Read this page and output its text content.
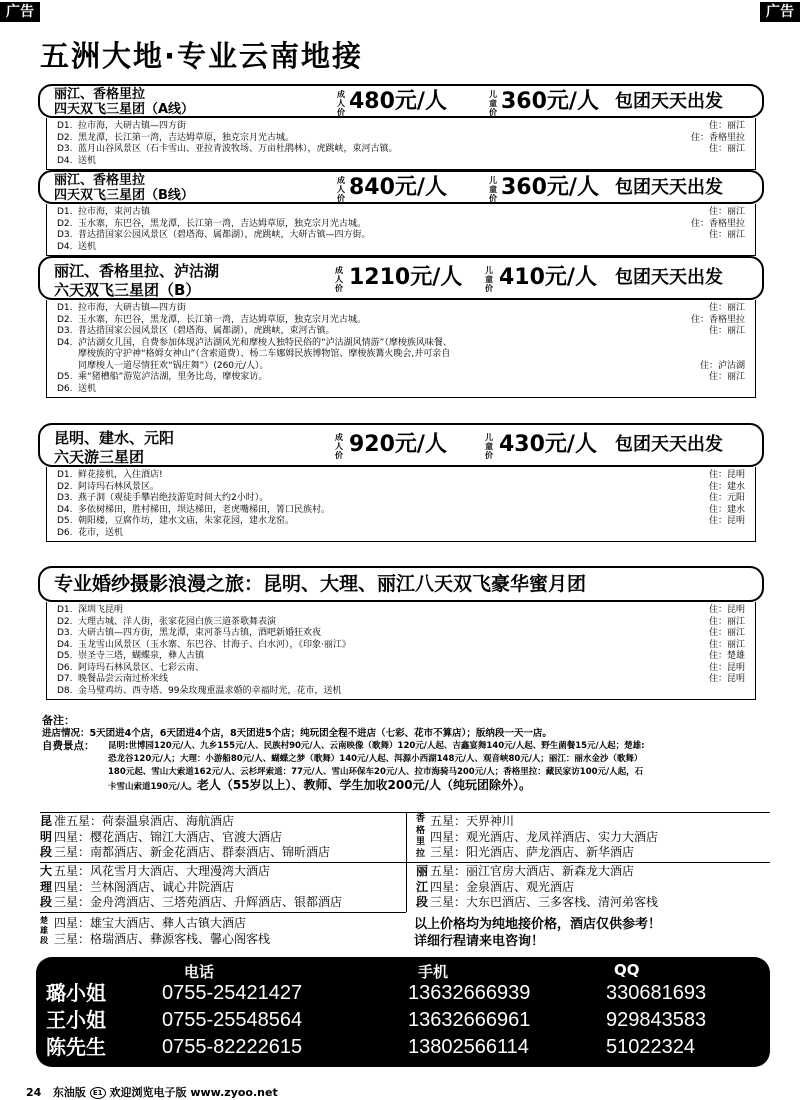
广告	广告
五洲大地·专业云南地接
丽江、香格里拉
四天双飞三星团（A线）
成人价 480元/人	儿童价 360元/人 包团天天出发
D1. 拉市海，大研古镇—四方街	住：丽江
D2. 黑龙潭，长江第一湾，吉达姆草原，独克宗月光古城。	住：香格里拉
D3. 蓝月山谷风景区（石卡雪山、亚拉青波牧场、万亩杜鹃林），虎跳峡，束河古镇。	住：丽江
D4. 送机
丽江、香格里拉
四天双飞三星团（B线）
成人价 840元/人	儿童价 360元/人 包团天天出发
D1. 拉市海，束河古镇	住：丽江
D2. 玉水寨，东巴谷，黑龙潭，长江第一湾，吉达姆草原，独克宗月光古城。	住：香格里拉
D3. 普达措国家公园风景区（碧塔海、属都湖），虎跳峡，大研古镇—四方街。	住：丽江
D4. 送机
丽江、香格里拉、泸沽湖
六天双飞三星团（B）
成人价 1210元/人	儿童价 410元/人 包团天天出发
D1. 拉市海，大研古镇—四方街	住：丽江
D2. 玉水寨，东巴谷，黑龙潭，长江第一湾，吉达姆草原，独克宗月光古城。	住：香格里拉
D3. 普达措国家公园风景区（碧塔海、属都湖），虎跳峡，束河古镇。	住：丽江
D4. 泸沽湖女儿国，自费参加体现泸沽湖风光和摩梭人独特民俗的“泸沽湖风情游”（摩梭族风味餐、
摩梭族的守护神“格姆女神山”（含索道费）、杨二车娜姆民族博物馆、摩梭族篝火晚会,并可亲自
同摩梭人一道尽情狂欢“锅庄舞”）(260元/人）。	住：泸沽湖
D5. 乘“猪槽船”游览泸沽湖，里务比岛，摩梭家访。	住：丽江
D6. 送机
昆明、建水、元阳
六天游三星团
成人价 920元/人	儿童价 430元/人 包团天天出发
D1. 鲜花接机，入住酒店!	住：昆明
D2. 阿诗玛石林风景区。	住：建水
D3. 燕子洞（观徒手攀岩绝技游览时间大约2小时）。	住：元阳
D4. 多依树梯田，胜村梯田，坝达梯田，老虎嘴梯田，箐口民族村。	住：建水
D5. 朝阳楼，豆腐作坊，建水文庙，朱家花园，建水龙窑。	住：昆明
D6. 花市，送机
专业婚纱摄影浪漫之旅：昆明、大理、丽江八天双飞豪华蜜月团
D1. 深圳飞昆明	住：昆明
D2. 大理古城、洋人街，张家花园白族三道茶歌舞表演	住：丽江
D3. 大研古镇—四方街，黑龙潭，束河茶马古镇，酒吧新婚狂欢夜	住：丽江
D4. 玉龙雪山风景区（玉水寨、东巴谷、甘海子、白水河），《印象·丽江》	住：丽江
D5. 崇圣寺三塔，蝴蝶泉，彝人古镇	住：楚雄
D6. 阿诗玛石林风景区、七彩云南、	住：昆明
D7. 晚餐品尝云南过桥米线	住：昆明
D8. 金马璧鸡坊、西寺塔、99朵玫瑰重温求婚的幸福时光，花市，送机
备注：
进店情况：5天团进4个店，6天团进4个店，8天团进5个店；纯玩团全程不进店（七彩、花市不算店）；版纳段一天一店。
自费景点： 昆明:世博园120元/人、九乡155元/人、民族村90元/人、云南映像（歌舞）120元/人起、吉鑫宴舞140元/人起、野生菌餐15元/人起；楚雄:
恐龙谷120元/人；大理：小游船80元/人、蝴蝶之梦（歌舞）140元/人起、洱源小西湖148元/人、观音峡80元/人；丽江：丽水金沙（歌舞）
180元起、雪山大索道162元/人、云杉坪索道：77元/人、雪山环保车20元/人、拉市海骑马200元/人；香格里拉：藏民家访100元/人起，石
卡雪山索道190元/人。老人（55岁以上）、教师、学生加收200元/人（纯玩团除外）。
昆明段
准五星：荷泰温泉酒店、海航酒店
四星：樱花酒店、锦江大酒店、官渡大酒店
三星：南都酒店、新金花酒店、群泰酒店、锦昕酒店
香格里拉
五星：天界神川
四星：观光酒店、龙凤祥酒店、实力大酒店
三星：阳光酒店、萨龙酒店、新华酒店
大理段
五星：风花雪月大酒店、大理漫湾大酒店
四星：兰林阁酒店、诚心井院酒店
三星：金舟湾酒店、三塔苑酒店、升辉酒店、银都酒店
丽江段
五星：丽江官房大酒店、新森龙大酒店
四星：金泉酒店、观光酒店
三星：大东巴酒店、三多客栈、清河弟客栈
楚雄段
四星：雄宝大酒店、彝人古镇大酒店
三星：格瑞酒店、彝源客栈、馨心阁客栈
以上价格均为纯地接价格，酒店仅供参考！
详细行程请来电咨询！
电话	手机	QQ
璐小姐	0755-25421427	13632666939	330681693
王小姐	0755-25548564	13632666961	929843583
陈先生	0755-82222615	13802566114	51022324
24 东油版 E1 欢迎浏览电子版 www.zyoo.net
